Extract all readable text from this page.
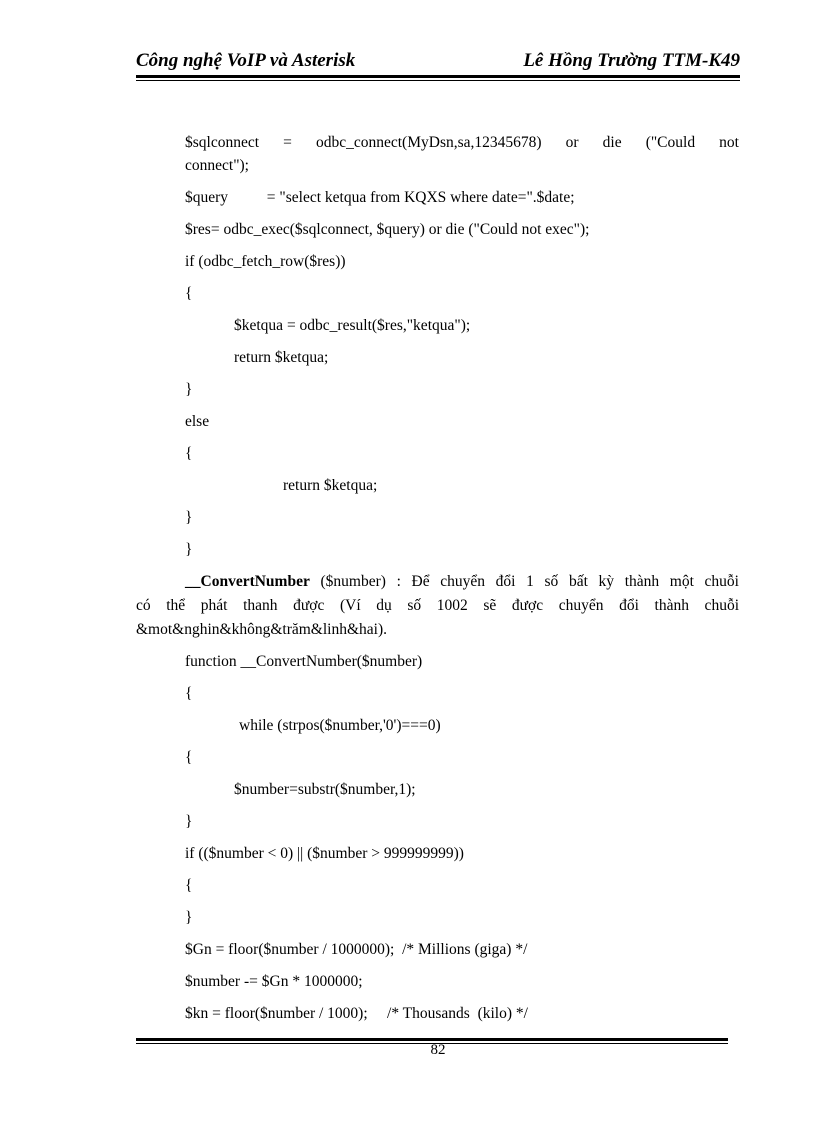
Công nghệ VoIP và Asterisk	Lê Hồng Trường TTM-K49
$sqlconnect = odbc_connect(MyDsn,sa,12345678) or die ("Could not
connect");
$query          = "select ketqua from KQXS where date=".$date;
$res= odbc_exec($sqlconnect, $query) or die ("Could not exec");
if (odbc_fetch_row($res))
{
$ketqua = odbc_result($res,"ketqua");
return $ketqua;
}
else
{
return $ketqua;
}
}
__ConvertNumber ($number) : Để chuyển đổi 1 số bất kỳ thành một chuỗi
có thể phát thanh được (Ví dụ số 1002 sẽ được chuyển đổi thành chuỗi
&mot&nghin&không&trăm&linh&hai).
function __ConvertNumber($number)
{
while (strpos($number,'0')===0)
{
$number=substr($number,1);
}
if (($number < 0) || ($number > 999999999))
{
}
$Gn = floor($number / 1000000);  /* Millions (giga) */
$number -= $Gn * 1000000;
$kn = floor($number / 1000);     /* Thousands  (kilo) */
82
